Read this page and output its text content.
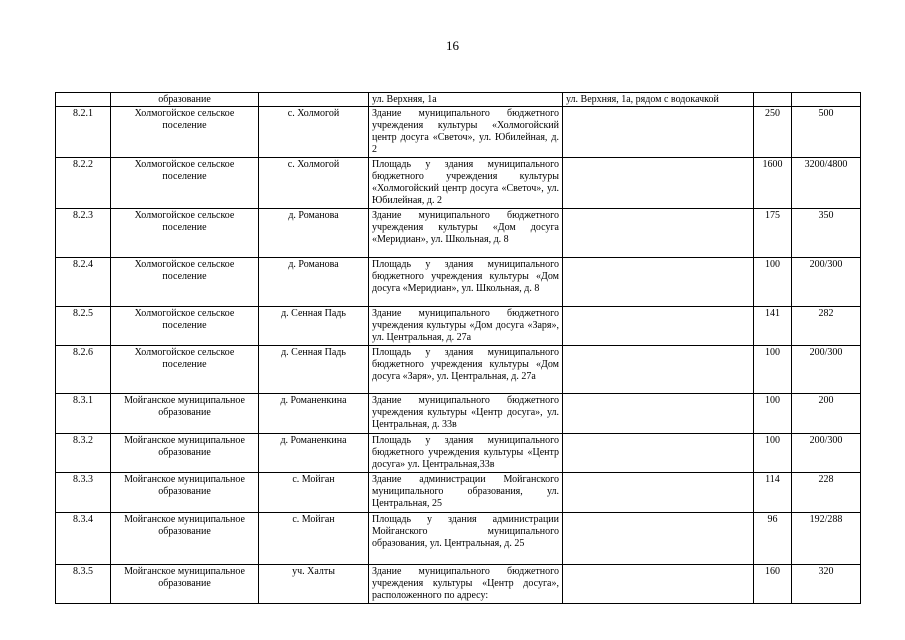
16
	образование		ул. Верхняя, 1а	ул. Верхняя, 1а, рядом с водокачкой		
8.2.1	Холмогойское сельское поселение	с. Холмогой	Здание муниципального бюджетного учреждения культуры «Холмогойский центр досуга «Светоч», ул. Юбилейная, д. 2		250	500
8.2.2	Холмогойское сельское поселение	с. Холмогой	Площадь у здания муниципального бюджетного учреждения культуры «Холмогойский центр досуга «Светоч», ул. Юбилейная, д. 2		1600	3200/4800
8.2.3	Холмогойское сельское поселение	д. Романова	Здание муниципального бюджетного учреждения культуры «Дом досуга «Меридиан», ул. Школьная, д. 8		175	350
8.2.4	Холмогойское сельское поселение	д. Романова	Площадь у здания муниципального бюджетного учреждения культуры «Дом досуга «Меридиан», ул. Школьная, д. 8		100	200/300
8.2.5	Холмогойское сельское поселение	д. Сенная Падь	Здание муниципального бюджетного учреждения культуры «Дом досуга «Заря», ул. Центральная, д. 27а		141	282
8.2.6	Холмогойское сельское поселение	д. Сенная Падь	Площадь у здания муниципального бюджетного учреждения культуры «Дом досуга «Заря», ул. Центральная, д. 27а		100	200/300
8.3.1	Мойганское муниципальное образование	д. Романенкина	Здание муниципального бюджетного учреждения культуры «Центр досуга», ул. Центральная, д. 33в		100	200
8.3.2	Мойганское муниципальное образование	д. Романенкина	Площадь у здания муниципального бюджетного учреждения культуры «Центр досуга» ул. Центральная,33в		100	200/300
8.3.3	Мойганское муниципальное образование	с. Мойган	Здание администрации Мойганского муниципального образования, ул. Центральная, 25		114	228
8.3.4	Мойганское муниципальное образование	с. Мойган	Площадь у здания администрации Мойганского муниципального образования, ул. Центральная, д. 25		96	192/288
8.3.5	Мойганское муниципальное образование	уч. Халты	Здание муниципального бюджетного учреждения культуры «Центр досуга», расположенного по адресу:		160	320
